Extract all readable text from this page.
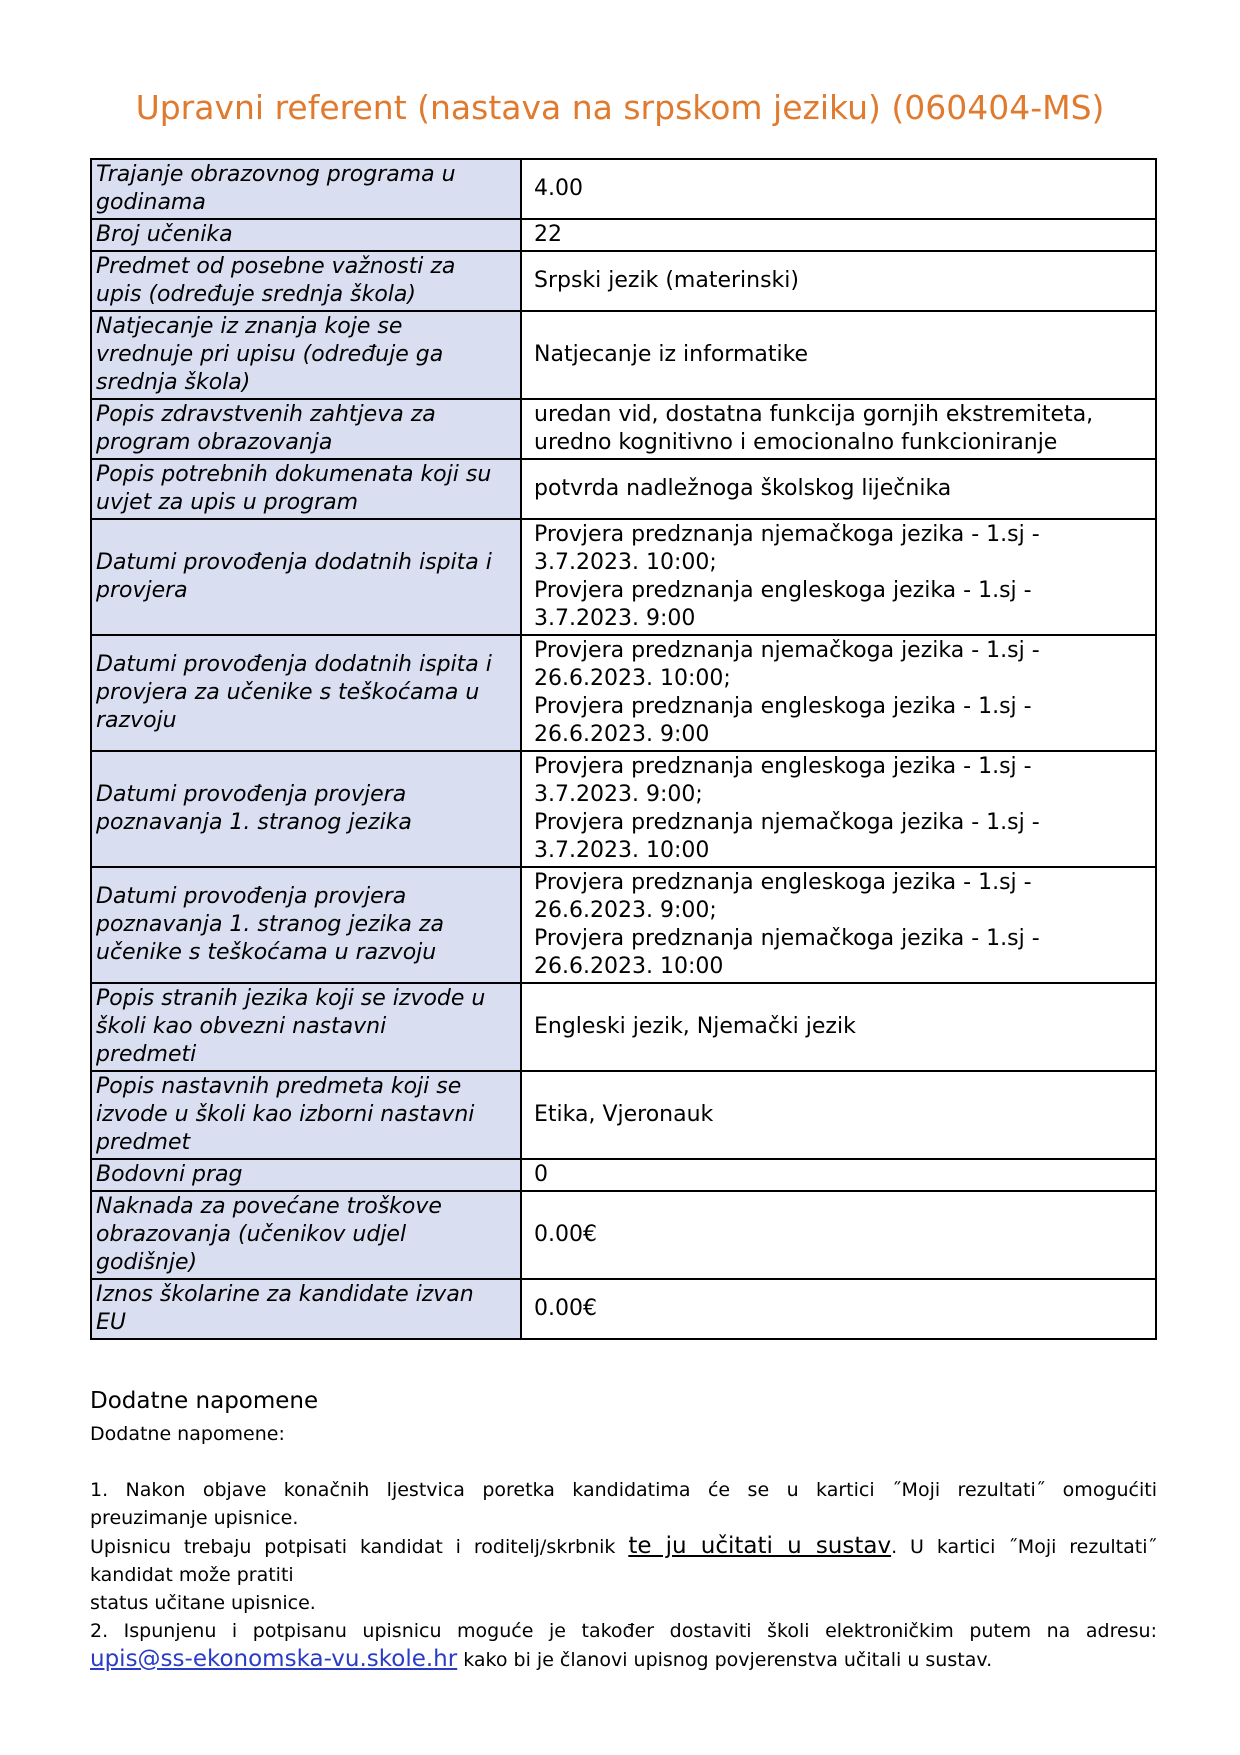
Upravni referent (nastava na srpskom jeziku) (060404-MS)
Trajanje obrazovnog programa u
godinama	4.00
Broj učenika	22
Predmet od posebne važnosti za
upis (određuje srednja škola)	Srpski jezik (materinski)
Natjecanje iz znanja koje se
vrednuje pri upisu (određuje ga
srednja škola)	Natjecanje iz informatike
Popis zdravstvenih zahtjeva za
program obrazovanja	uredan vid, dostatna funkcija gornjih ekstremiteta,
uredno kognitivno i emocionalno funkcioniranje
Popis potrebnih dokumenata koji su
uvjet za upis u program	potvrda nadležnoga školskog liječnika
Datumi provođenja dodatnih ispita i
provjera	Provjera predznanja njemačkoga jezika - 1.sj -
3.7.2023. 10:00;
Provjera predznanja engleskoga jezika - 1.sj -
3.7.2023. 9:00
Datumi provođenja dodatnih ispita i
provjera za učenike s teškoćama u
razvoju	Provjera predznanja njemačkoga jezika - 1.sj -
26.6.2023. 10:00;
Provjera predznanja engleskoga jezika - 1.sj -
26.6.2023. 9:00
Datumi provođenja provjera
poznavanja 1. stranog jezika	Provjera predznanja engleskoga jezika - 1.sj -
3.7.2023. 9:00;
Provjera predznanja njemačkoga jezika - 1.sj -
3.7.2023. 10:00
Datumi provođenja provjera
poznavanja 1. stranog jezika za
učenike s teškoćama u razvoju	Provjera predznanja engleskoga jezika - 1.sj -
26.6.2023. 9:00;
Provjera predznanja njemačkoga jezika - 1.sj -
26.6.2023. 10:00
Popis stranih jezika koji se izvode u
školi kao obvezni nastavni
predmeti	Engleski jezik, Njemački jezik
Popis nastavnih predmeta koji se
izvode u školi kao izborni nastavni
predmet	Etika, Vjeronauk
Bodovni prag	0
Naknada za povećane troškove
obrazovanja (učenikov udjel
godišnje)	0.00€
Iznos školarine za kandidate izvan
EU	0.00€
Dodatne napomene

Dodatne napomene:

1. Nakon objave konačnih ljestvica poretka kandidatima će se u kartici ˝Moji rezultati˝ omogućiti

preuzimanje upisnice.

Upisnicu trebaju potpisati kandidat i roditelj/skrbnik te ju učitati u sustav. U kartici ˝Moji rezultati˝

kandidat može pratiti

status učitane upisnice.

2. Ispunjenu i potpisanu upisnicu moguće je također dostaviti školi elektroničkim putem na adresu:

upis@ss-ekonomska-vu.skole.hr kako bi je članovi upisnog povjerenstva učitali u sustav.
